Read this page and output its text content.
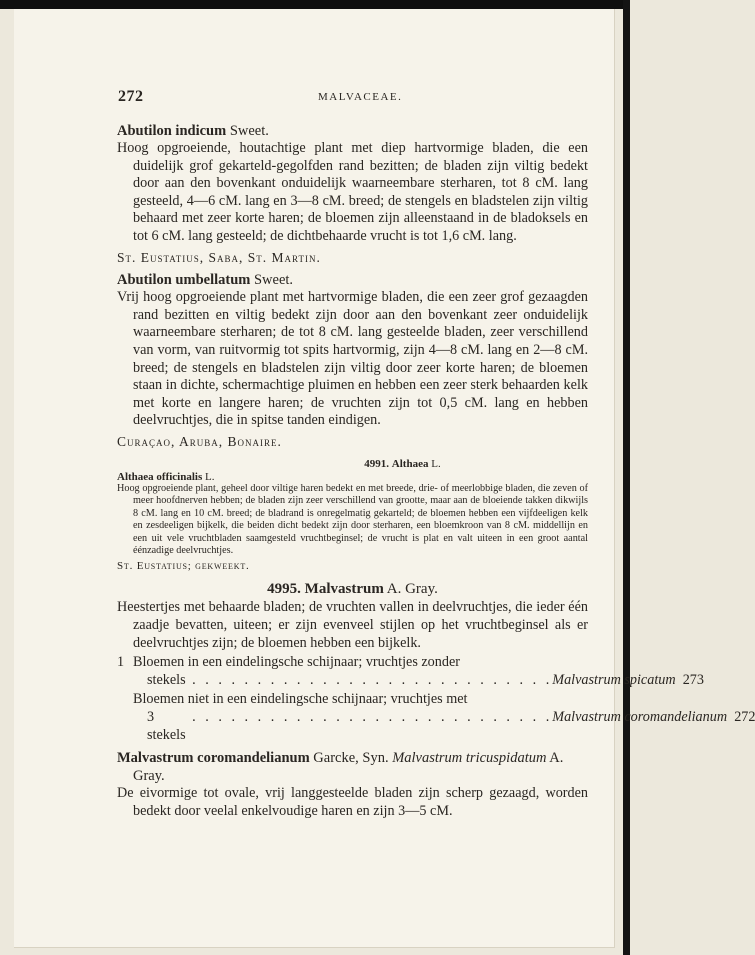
272	MALVACEAE.

Abutilon indicum Sweet.

Hoog opgroeiende, houtachtige plant met diep hartvormige bladen, die een duidelijk grof gekarteld-gegolfden rand bezitten; de bladen zijn viltig bedekt door aan den bovenkant onduidelijk waarneembare sterharen, tot 8 cM. lang gesteeld, 4—6 cM. lang en 3—8 cM. breed; de stengels en bladstelen zijn viltig behaard met zeer korte haren; de bloemen zijn alleenstaand in de bladoksels en tot 6 cM. lang gesteeld; de dichtbehaarde vrucht is tot 1,6 cM. lang.

St. Eustatius, Saba, St. Martin.

Abutilon umbellatum Sweet.

Vrij hoog opgroeiende plant met hartvormige bladen, die een zeer grof gezaagden rand bezitten en viltig bedekt zijn door aan den bovenkant zeer onduidelijk waarneembare sterharen; de tot 8 cM. lang gesteelde bladen, zeer verschillend van vorm, van ruitvormig tot spits hartvormig, zijn 4—8 cM. lang en 2—8 cM. breed; de stengels en bladstelen zijn viltig door zeer korte haren; de bloemen staan in dichte, schermachtige pluimen en hebben een zeer sterk behaarden kelk met korte en langere haren; de vruchten zijn tot 0,5 cM. lang en hebben deelvruchtjes, die in spitse tanden eindigen.

Curaçao, Aruba, Bonaire.

4991. Althaea L.

Althaea officinalis L.

Hoog opgroeiende plant, geheel door viltige haren bedekt en met breede, drie- of meerlobbige bladen, die zeven of meer hoofdnerven hebben; de bladen zijn zeer verschillend van grootte, maar aan de bloeiende takken dikwijls 8 cM. lang en 10 cM. breed; de bladrand is onregelmatig gekarteld; de bloemen hebben een vijfdeeligen kelk en zesdeeligen bijkelk, die beiden dicht bedekt zijn door sterharen, een bloemkroon van 8 cM. middellijn en een uit vele vruchtbladen saamgesteld vruchtbeginsel; de vrucht is plat en valt uiteen in een groot aantal éénzadige deelvruchtjes.

St. Eustatius; gekweekt.

4995. Malvastrum A. Gray.

Heestertjes met behaarde bladen; de vruchten vallen in deelvruchtjes, die ieder één zaadje bevatten, uiteen; er zijn evenveel stijlen op het vruchtbeginsel als er deelvruchtjes zijn; de bloemen hebben een bijkelk.

1 Bloemen in een eindelingsche schijnaar; vruchtjes zonder
stekels . . . . . . . . . . . . . . . . . . . . . . . . . . . . Malvastrum spicatum 273
Bloemen niet in een eindelingsche schijnaar; vruchtjes met
3 stekels
. . . . . . . . . . . . . . . . . . . . . . . . . . . . Malvastrum coromandelianum 272

Malvastrum coromandelianum Garcke, Syn. Malvastrum tricuspidatum A. Gray.

De eivormige tot ovale, vrij langgesteelde bladen zijn scherp gezaagd, worden bedekt door veelal enkelvoudige haren en zijn 3—5 cM.
